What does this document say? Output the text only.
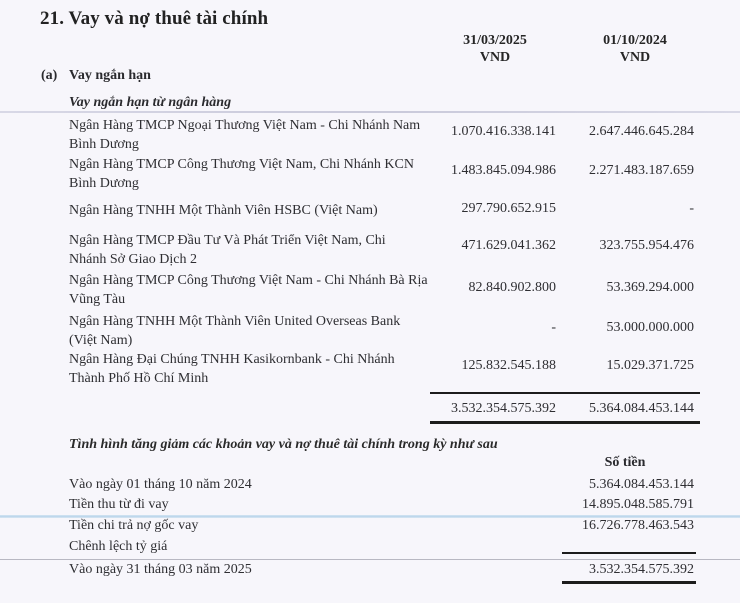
21. Vay và nợ thuê tài chính
31/03/2025
VND
01/10/2024
VND
(a) Vay ngắn hạn
Vay ngắn hạn từ ngân hàng
Ngân Hàng TMCP Ngoại Thương Việt Nam - Chi Nhánh Nam
Bình Dương
1.070.416.338.141	2.647.446.645.284
Ngân Hàng TMCP Công Thương Việt Nam, Chi Nhánh KCN
Bình Dương
1.483.845.094.986	2.271.483.187.659
Ngân Hàng TNHH Một Thành Viên HSBC (Việt Nam)	297.790.652.915	-
Ngân Hàng TMCP Đầu Tư Và Phát Triển Việt Nam, Chi
Nhánh Sở Giao Dịch 2
471.629.041.362	323.755.954.476
Ngân Hàng TMCP Công Thương Việt Nam - Chi Nhánh Bà Rịa
Vũng Tàu
82.840.902.800	53.369.294.000
Ngân Hàng TNHH Một Thành Viên United Overseas Bank
(Việt Nam)
-	53.000.000.000
Ngân Hàng Đại Chúng TNHH Kasikornbank - Chi Nhánh
Thành Phố Hồ Chí Minh
125.832.545.188	15.029.371.725
3.532.354.575.392	5.364.084.453.144
Tình hình tăng giảm các khoản vay và nợ thuê tài chính trong kỳ như sau
Số tiền
Vào ngày 01 tháng 10 năm 2024	5.364.084.453.144
Tiền thu từ đi vay	14.895.048.585.791
Tiền chi trả nợ gốc vay	16.726.778.463.543
Chênh lệch tỷ giá
Vào ngày 31 tháng 03 năm 2025	3.532.354.575.392
